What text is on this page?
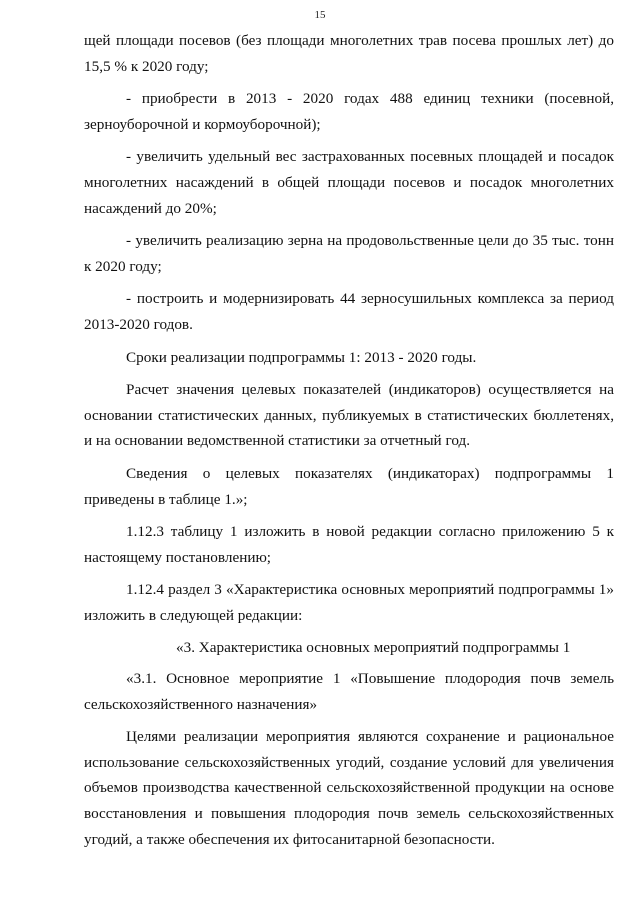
15

щей площади посевов (без площади многолетних трав посева прошлых лет) до 15,5 % к 2020 году;

- приобрести в 2013 - 2020 годах 488 единиц техники (посевной, зерноуборочной и кормоуборочной);

- увеличить удельный вес застрахованных посевных площадей и посадок многолетних насаждений в общей площади посевов и посадок многолетних насаждений до 20%;

- увеличить реализацию зерна на продовольственные цели до 35 тыс. тонн к 2020 году;

- построить и модернизировать 44 зерносушильных комплекса за период 2013-2020 годов.

Сроки реализации подпрограммы 1: 2013 - 2020 годы.

Расчет значения целевых показателей (индикаторов) осуществляется на основании статистических данных, публикуемых в статистических бюллетенях, и на основании ведомственной статистики за отчетный год.

Сведения о целевых показателях (индикаторах) подпрограммы 1 приведены в таблице 1.»;

1.12.3 таблицу 1 изложить в новой редакции согласно приложению 5 к настоящему постановлению;

1.12.4 раздел 3 «Характеристика основных мероприятий подпрограммы 1» изложить в следующей редакции:

«3. Характеристика основных мероприятий подпрограммы 1

«3.1. Основное мероприятие 1 «Повышение плодородия почв земель сельскохозяйственного назначения»

Целями реализации мероприятия являются сохранение и рациональное использование сельскохозяйственных угодий, создание условий для увеличения объемов производства качественной сельскохозяйственной продукции на основе восстановления и повышения плодородия почв земель сельскохозяйственных угодий, а также обеспечения их фитосанитарной безопасности.
